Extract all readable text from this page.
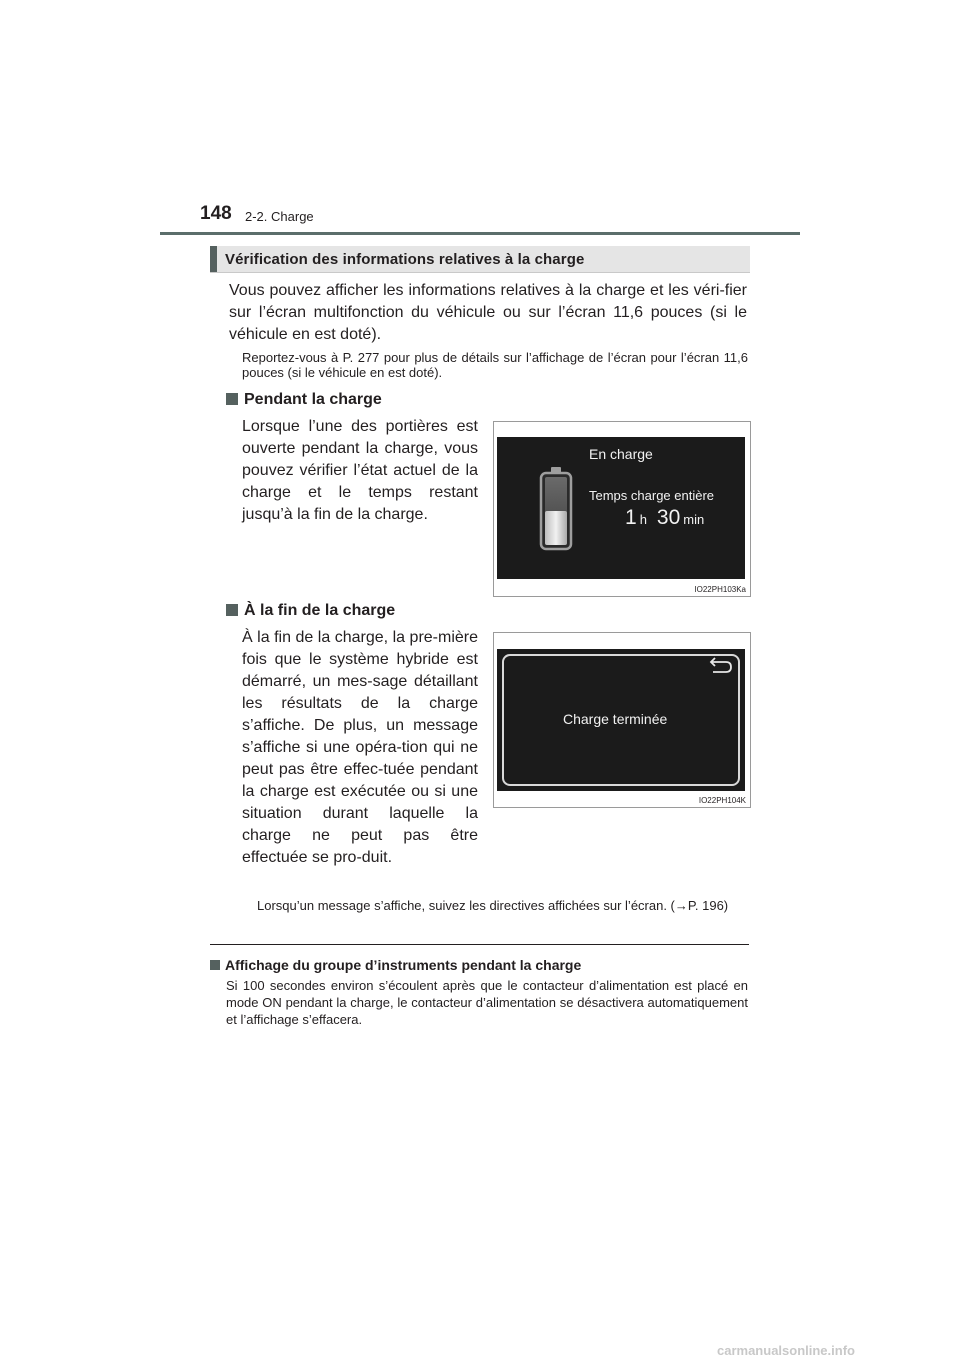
148 2-2. Charge
Vérification des informations relatives à la charge
Vous pouvez afficher les informations relatives à la charge et les véri-fier sur l’écran multifonction du véhicule ou sur l’écran 11,6 pouces (si le véhicule en est doté).
Reportez-vous à P. 277 pour plus de détails sur l’affichage de l’écran pour l’écran 11,6 pouces (si le véhicule en est doté).
Pendant la charge
Lorsque l’une des portières est ouverte pendant la charge, vous pouvez vérifier l’état actuel de la charge et le temps restant jusqu’à la fin de la charge.
En charge
Temps charge entière
1 h 30 min
IO22PH103Ka
À la fin de la charge
À la fin de la charge, la pre-mière fois que le système hybride est démarré, un mes-sage détaillant les résultats de la charge s’affiche. De plus, un message s’affiche si une opéra-tion qui ne peut pas être effec-tuée pendant la charge est exécutée ou si une situation durant laquelle la charge ne peut pas être effectuée se pro-duit.
Charge terminée
IO22PH104K
Lorsqu’un message s’affiche, suivez les directives affichées sur l’écran. (→P. 196)
Affichage du groupe d’instruments pendant la charge
Si 100 secondes environ s’écoulent après que le contacteur d’alimentation est placé en mode ON pendant la charge, le contacteur d’alimentation se désactivera automatiquement et l’affichage s’effacera.
carmanualsonline.info
